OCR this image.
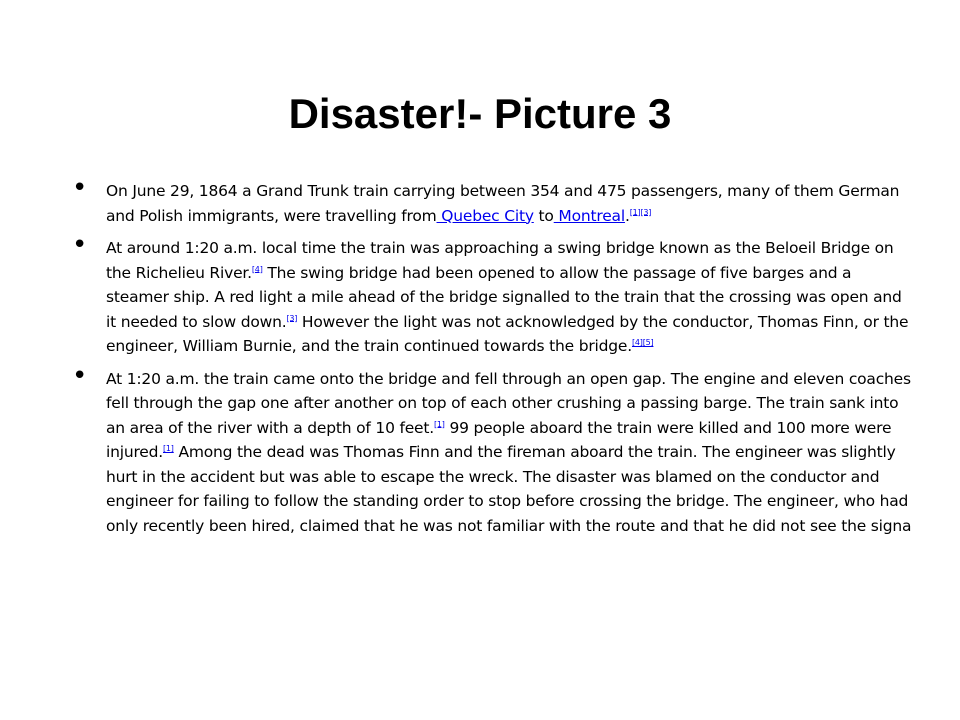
Disaster!- Picture 3
• On June 29, 1864 a Grand Trunk train carrying between 354 and 475 passengers, many of them German and Polish immigrants, were travelling from Quebec City to Montreal.[1][3]
• At around 1:20 a.m. local time the train was approaching a swing bridge known as the Beloeil Bridge on the Richelieu River.[4] The swing bridge had been opened to allow the passage of five barges and a steamer ship. A red light a mile ahead of the bridge signalled to the train that the crossing was open and it needed to slow down.[3] However the light was not acknowledged by the conductor, Thomas Finn, or the engineer, William Burnie, and the train continued towards the bridge.[4][5]
• At 1:20 a.m. the train came onto the bridge and fell through an open gap. The engine and eleven coaches fell through the gap one after another on top of each other crushing a passing barge. The train sank into an area of the river with a depth of 10 feet.[1] 99 people aboard the train were killed and 100 more were injured.[1] Among the dead was Thomas Finn and the fireman aboard the train. The engineer was slightly hurt in the accident but was able to escape the wreck. The disaster was blamed on the conductor and engineer for failing to follow the standing order to stop before crossing the bridge. The engineer, who had only recently been hired, claimed that he was not familiar with the route and that he did not see the signa
